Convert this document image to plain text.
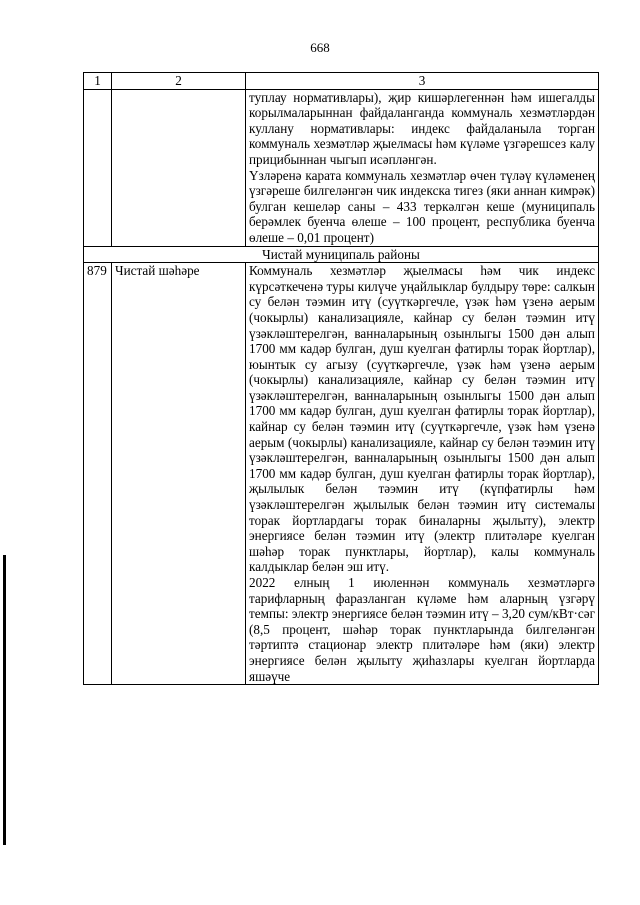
668
1	2	3

		туплау нормативлары), җир кишәрлегеннән һәм ишегалды корылмаларыннан файдаланганда коммуналь хезмәтләрдән куллану нормативлары: индекс файдаланыла торган коммуналь хезмәтләр җыелмасы һәм күләме үзгәрешсез калу прицибыннан чыгып исәпләнгән.

Үзләренә карата коммуналь хезмәтләр өчен түләү күләменең үзгәреше билгеләнгән чик индекска тигез (яки аннан кимрәк) булган кешеләр саны – 433 теркәлгән кеше (муниципаль берәмлек буенча өлеше – 100 процент, республика буенча өлеше – 0,01 процент)

Чистай муниципаль районы		
879	Чистай шәһәре	Коммуналь хезмәтләр җыелмасы һәм чик индекс күрсәткеченә туры килүче уңайлыклар булдыру төре: салкын су белән тәэмин итү (суүткәргечле, үзәк һәм үзенә аерым (чокырлы) канализацияле, кайнар су белән тәэмин итү үзәкләштерелгән, ванналарының озынлыгы 1500 дән алып 1700 мм кадәр булган, душ куелган фатирлы торак йортлар), юынтык су агызу (суүткәргечле, үзәк һәм үзенә аерым (чокырлы) канализацияле, кайнар су белән тәэмин итү үзәкләштерелгән, ванналарының озынлыгы 1500 дән алып 1700 мм кадәр булган, душ куелган фатирлы торак йортлар), кайнар су белән тәэмин итү (суүткәргечле, үзәк һәм үзенә аерым (чокырлы) канализацияле, кайнар су белән тәэмин итү үзәкләштерелгән, ванналарының озынлыгы 1500 дән алып 1700 мм кадәр булган, душ куелган фатирлы торак йортлар), җылылык белән тәэмин итү (күпфатирлы һәм үзәкләштерелгән җылылык белән тәэмин итү системалы торак йортлардагы торак биналарны җылыту), электр энергиясе белән тәэмин итү (электр плитәләре куелган шәһәр торак пунктлары, йортлар), калы коммуналь калдыклар белән эш итү.

2022 елның 1 июленнән коммуналь хезмәтләргә тарифларның фаразланган күләме һәм аларның үзгәрү темпы: электр энергиясе белән тәэмин итү – 3,20 сум/кВт·сәг (8,5 процент, шәһәр торак пунктларында билгеләнгән тәртиптә стационар электр плитәләре һәм (яки) электр энергиясе белән җылыту җиһазлары куелган йортларда яшәүче
